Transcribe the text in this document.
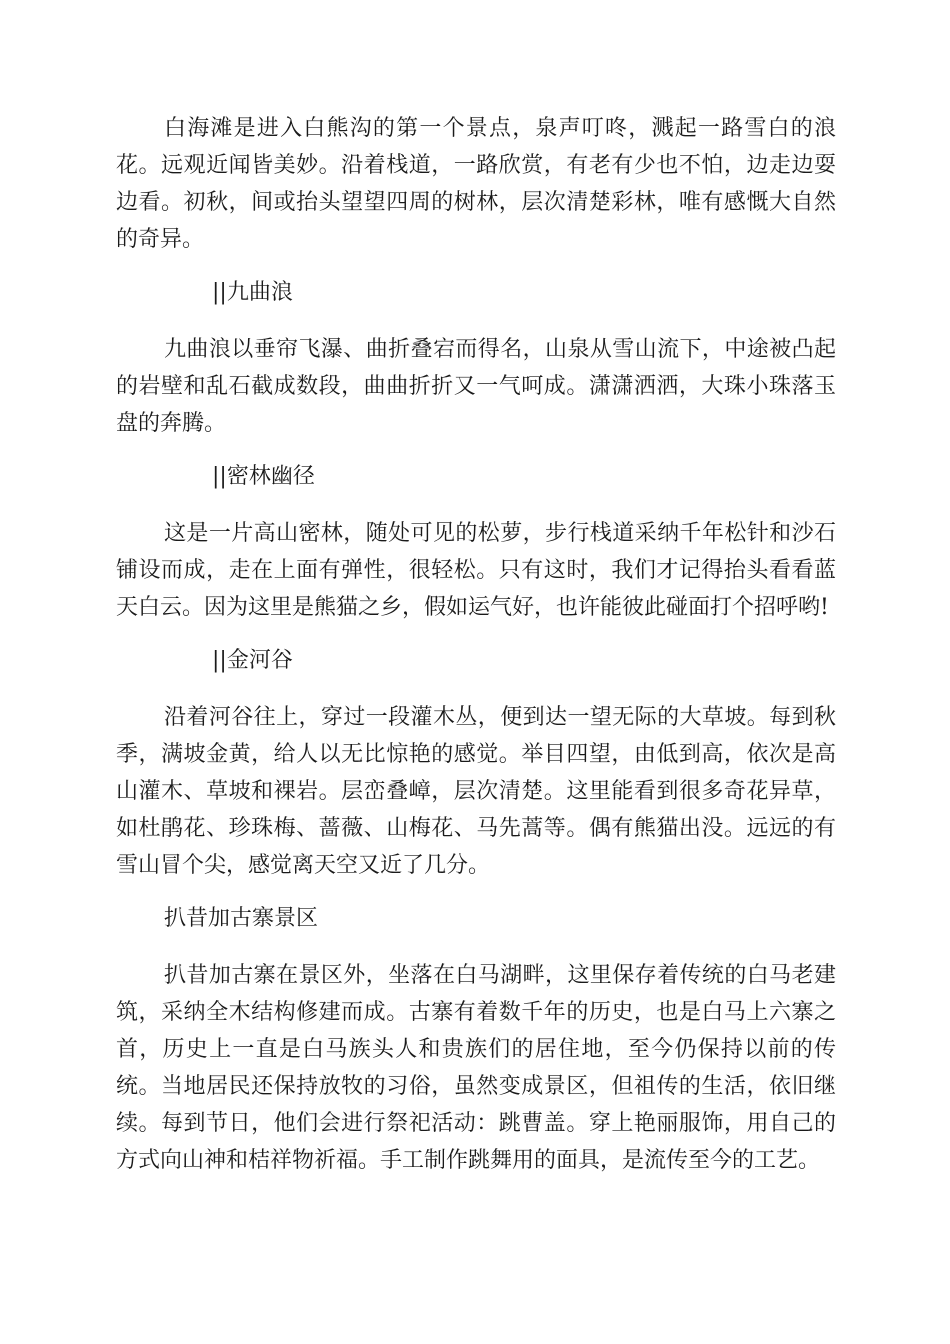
白海滩是进入白熊沟的第一个景点，泉声叮咚，溅起一路雪白的浪花。远观近闻皆美妙。沿着栈道，一路欣赏，有老有少也不怕，边走边耍边看。初秋，间或抬头望望四周的树林，层次清楚彩林，唯有感慨大自然的奇异。

||九曲浪

九曲浪以垂帘飞瀑、曲折叠宕而得名，山泉从雪山流下，中途被凸起的岩壁和乱石截成数段，曲曲折折又一气呵成。潇潇洒洒，大珠小珠落玉盘的奔腾。

||密林幽径

这是一片高山密林，随处可见的松萝，步行栈道采纳千年松针和沙石铺设而成，走在上面有弹性，很轻松。只有这时，我们才记得抬头看看蓝天白云。因为这里是熊猫之乡，假如运气好，也许能彼此碰面打个招呼哟!

||金河谷

沿着河谷往上，穿过一段灌木丛，便到达一望无际的大草坡。每到秋季，满坡金黄，给人以无比惊艳的感觉。举目四望，由低到高，依次是高山灌木、草坡和裸岩。层峦叠嶂，层次清楚。这里能看到很多奇花异草，如杜鹃花、珍珠梅、蔷薇、山梅花、马先蒿等。偶有熊猫出没。远远的有雪山冒个尖，感觉离天空又近了几分。

扒昔加古寨景区

扒昔加古寨在景区外，坐落在白马湖畔，这里保存着传统的白马老建筑，采纳全木结构修建而成。古寨有着数千年的历史，也是白马上六寨之首，历史上一直是白马族头人和贵族们的居住地，至今仍保持以前的传统。当地居民还保持放牧的习俗，虽然变成景区，但祖传的生活，依旧继续。每到节日，他们会进行祭祀活动：跳曹盖。穿上艳丽服饰，用自己的方式向山神和桔祥物祈福。手工制作跳舞用的面具，是流传至今的工艺。
